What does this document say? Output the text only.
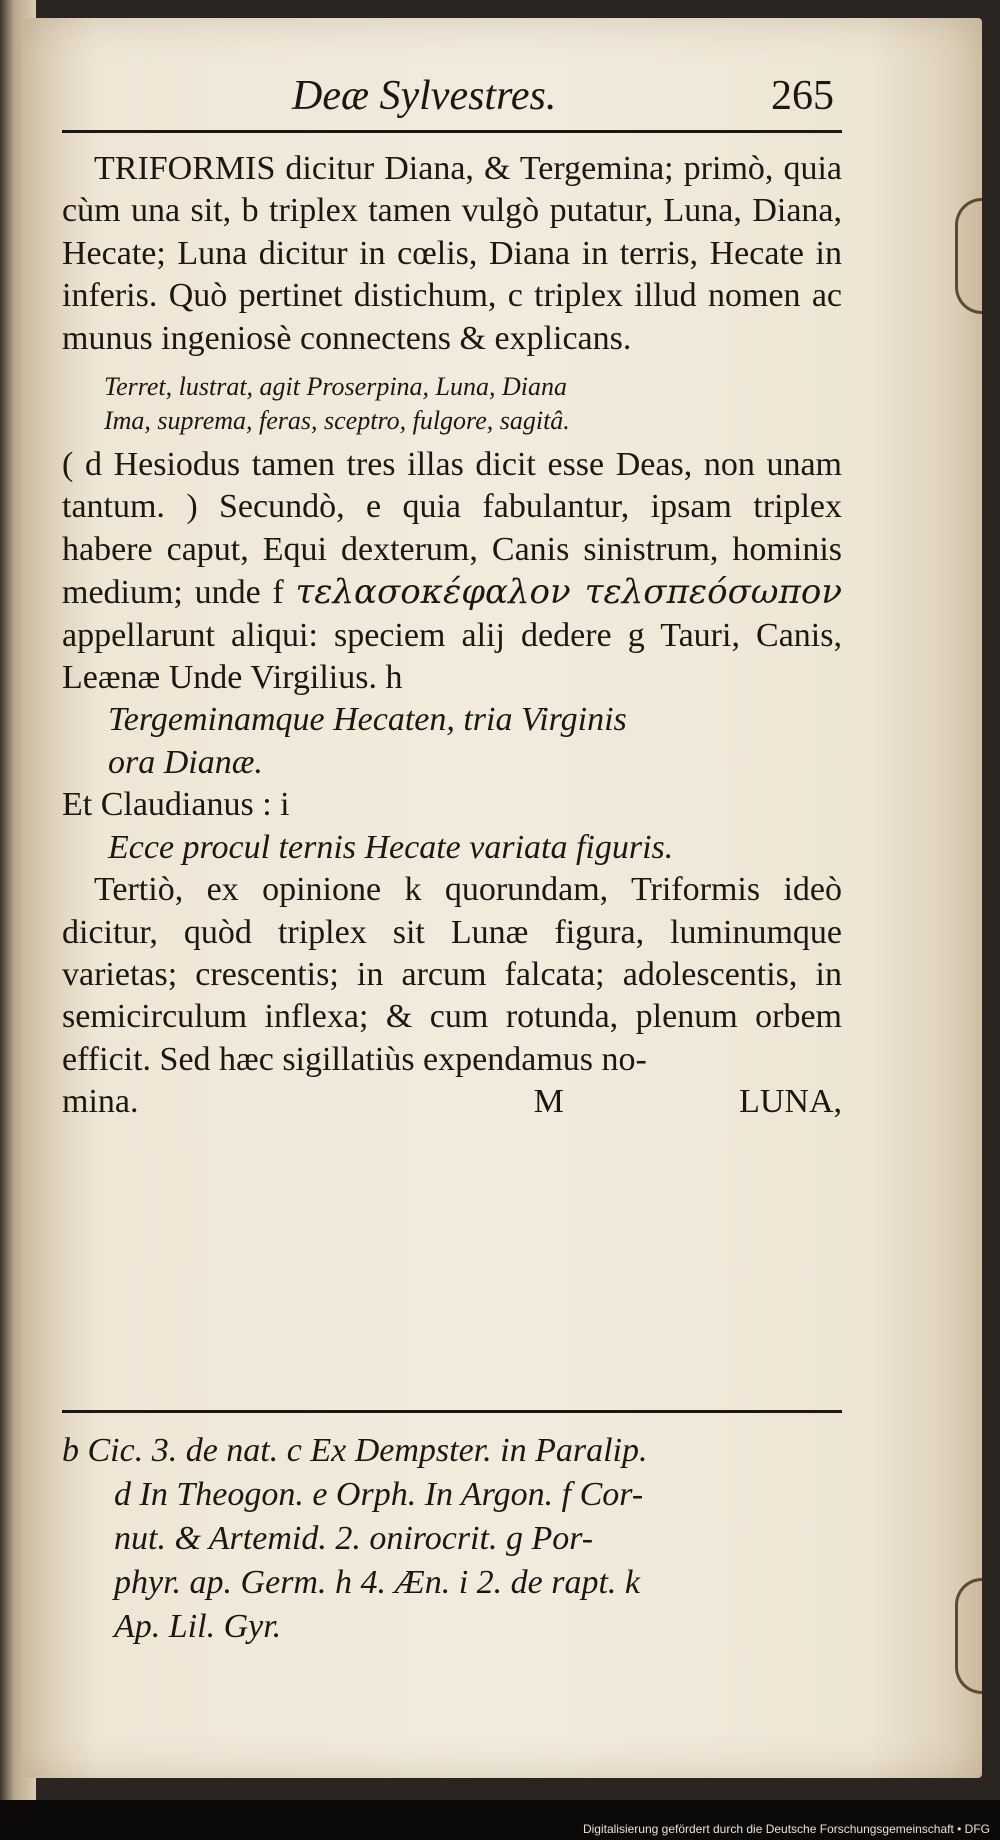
Deæ Sylvestres.	265

TRIFORMIS dicitur Diana, & Tergemina; primò, quia cùm una sit, b triplex tamen vulgò putatur, Luna, Diana, Hecate; Luna dicitur in cœlis, Diana in terris, Hecate in inferis. Quò pertinet distichum, c triplex illud nomen ac munus ingeniosè connectens & explicans.

Terret, lustrat, agit Proserpina, Luna, Diana
Ima, suprema, feras, sceptro, fulgore, sagitâ.

( d Hesiodus tamen tres illas dicit esse Deas, non unam tantum. ) Secundò, e quia fabulantur, ipsam triplex habere caput, Equi dexterum, Canis sinistrum, hominis medium; unde f τελασοκέφαλον τελσπεόσωπον appellarunt aliqui: speciem alij dedere g Tauri, Canis, Leænæ Unde Virgilius. h

Tergeminamque Hecaten, tria Virginis
ora Dianæ.

Et Claudianus : i

Ecce procul ternis Hecate variata figuris.

Tertiò, ex opinione k quorundam, Triformis ideò dicitur, quòd triplex sit Lunæ figura, luminumque varietas; crescentis; in arcum falcata; adolescentis, in semicirculum inflexa; & cum rotunda, plenum orbem efficit. Sed hæc sigillatiùs expendamus no-

mina.	M	LUNA,

b Cic. 3. de nat. c Ex Dempster. in Paralip.

d In Theogon. e Orph. In Argon. f Cor-

nut. & Artemid. 2. onirocrit. g Por-

phyr. ap. Germ. h 4. Æn. i 2. de rapt. k

Ap. Lil. Gyr.

Digitalisierung gefördert durch die Deutsche Forschungsgemeinschaft • DFG
